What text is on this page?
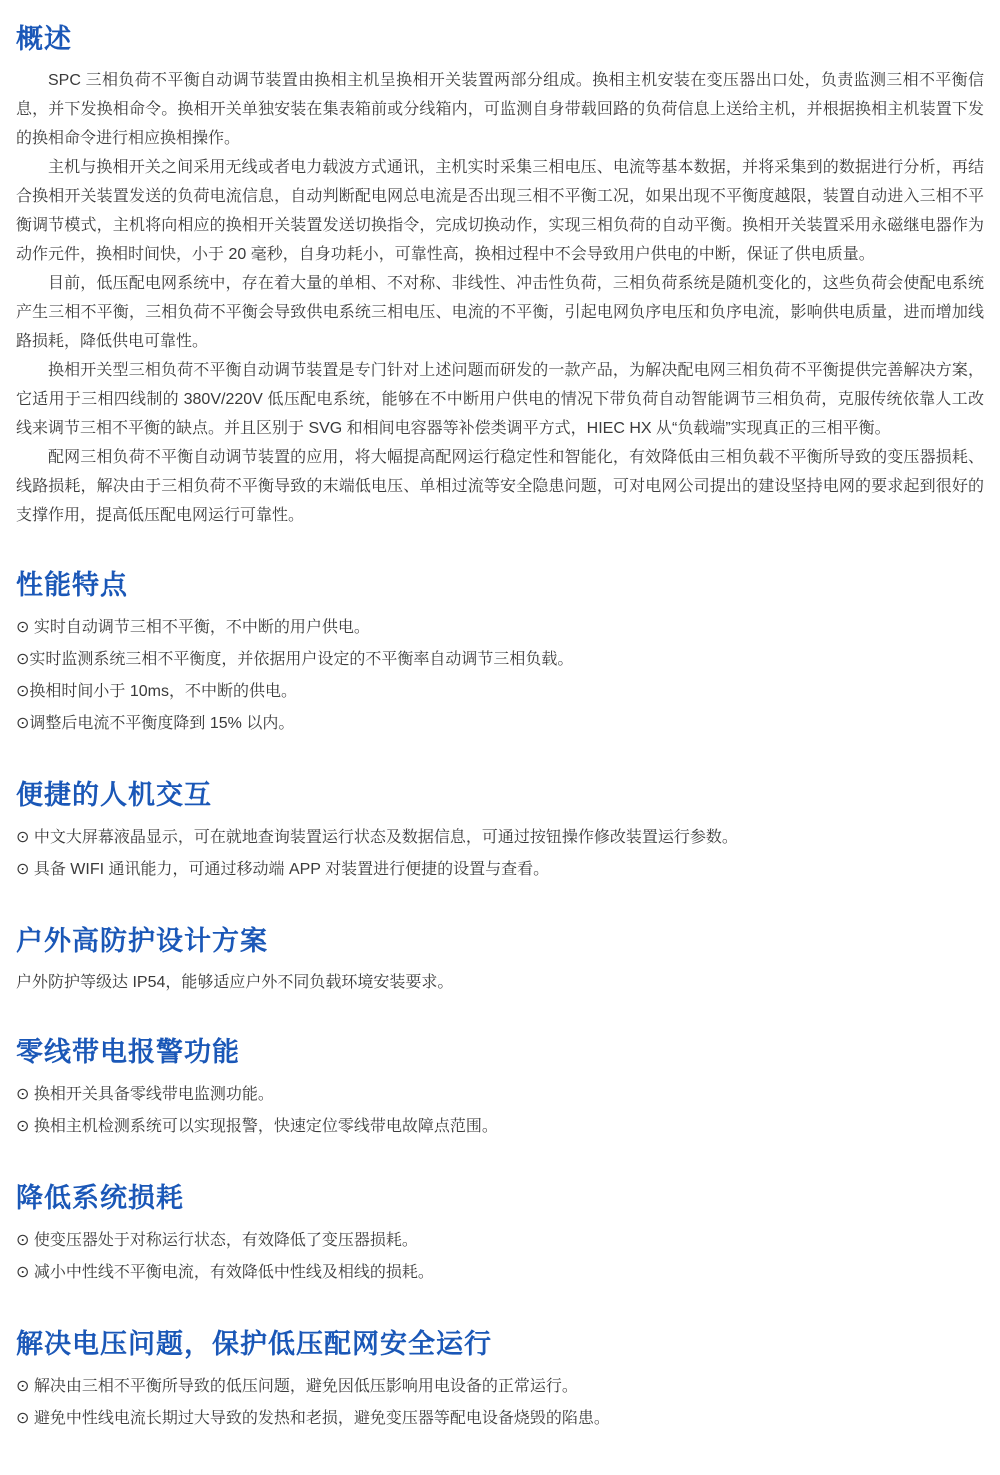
概述

SPC 三相负荷不平衡自动调节装置由换相主机呈换相开关装置两部分组成。换相主机安装在变压器出口处，负责监测三相不平衡信息，并下发换相命令。换相开关单独安装在集表箱前或分线箱内，可监测自身带载回路的负荷信息上送给主机，并根据换相主机装置下发的换相命令进行相应换相操作。

主机与换相开关之间采用无线或者电力载波方式通讯，主机实时采集三相电压、电流等基本数据，并将采集到的数据进行分析，再结合换相开关装置发送的负荷电流信息，自动判断配电网总电流是否出现三相不平衡工况，如果出现不平衡度越限，装置自动进入三相不平衡调节模式，主机将向相应的换相开关装置发送切换指令，完成切换动作，实现三相负荷的自动平衡。换相开关装置采用永磁继电器作为动作元件，换相时间快，小于 20 毫秒，自身功耗小，可靠性高，换相过程中不会导致用户供电的中断，保证了供电质量。

目前，低压配电网系统中，存在着大量的单相、不对称、非线性、冲击性负荷，三相负荷系统是随机变化的，这些负荷会使配电系统产生三相不平衡，三相负荷不平衡会导致供电系统三相电压、电流的不平衡，引起电网负序电压和负序电流，影响供电质量，进而增加线路损耗，降低供电可靠性。

换相开关型三相负荷不平衡自动调节装置是专门针对上述问题而研发的一款产品，为解决配电网三相负荷不平衡提供完善解决方案，它适用于三相四线制的 380V/220V 低压配电系统，能够在不中断用户供电的情况下带负荷自动智能调节三相负荷，克服传统依靠人工改线来调节三相不平衡的缺点。并且区别于 SVG 和相间电容器等补偿类调平方式，HIEC HX 从“负载端”实现真正的三相平衡。

配网三相负荷不平衡自动调节装置的应用，将大幅提高配网运行稳定性和智能化，有效降低由三相负载不平衡所导致的变压器损耗、线路损耗，解决由于三相负荷不平衡导致的末端低电压、单相过流等安全隐患问题，可对电网公司提出的建设坚持电网的要求起到很好的支撑作用，提高低压配电网运行可靠性。

性能特点
⊙ 实时自动调节三相不平衡，不中断的用户供电。
⊙实时监测系统三相不平衡度，并依据用户设定的不平衡率自动调节三相负载。
⊙换相时间小于 10ms，不中断的供电。
⊙调整后电流不平衡度降到 15% 以内。
便捷的人机交互
⊙ 中文大屏幕液晶显示，可在就地查询装置运行状态及数据信息，可通过按钮操作修改装置运行参数。
⊙ 具备 WIFI 通讯能力，可通过移动端 APP 对装置进行便捷的设置与查看。
户外高防护设计方案

户外防护等级达 IP54，能够适应户外不同负载环境安装要求。

零线带电报警功能
⊙ 换相开关具备零线带电监测功能。
⊙ 换相主机检测系统可以实现报警，快速定位零线带电故障点范围。
降低系统损耗
⊙ 使变压器处于对称运行状态，有效降低了变压器损耗。
⊙ 减小中性线不平衡电流，有效降低中性线及相线的损耗。
解决电压问题，保护低压配网安全运行
⊙ 解决由三相不平衡所导致的低压问题，避免因低压影响用电设备的正常运行。
⊙ 避免中性线电流长期过大导致的发热和老损，避免变压器等配电设备烧毁的陷患。
